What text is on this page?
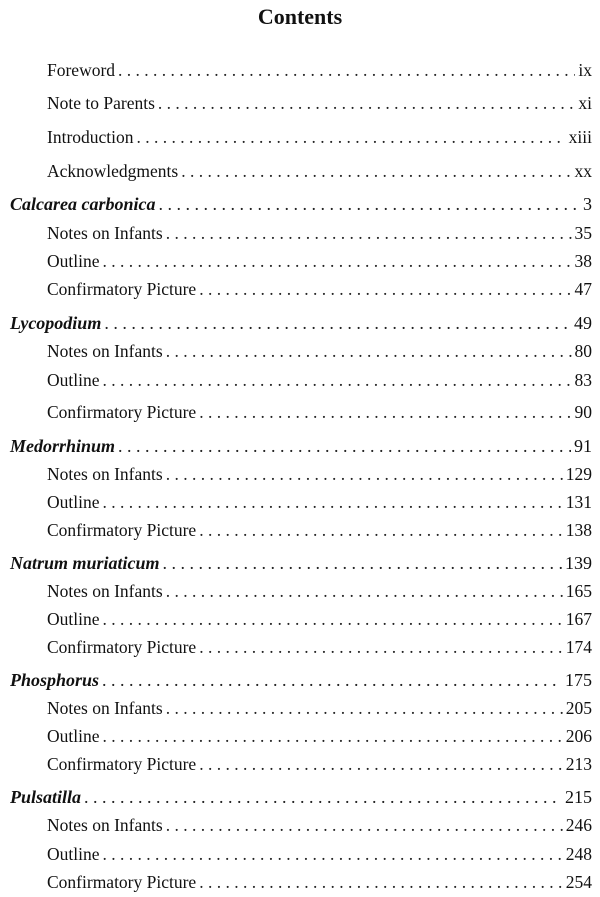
Contents
Foreword . . .	ix
Note to Parents . . .	xi
Introduction . . .	xiii
Acknowledgments . . .	xx
Calcarea carbonica . . .	3
Notes on Infants . . .	35
Outline . . .	38
Confirmatory Picture . . .	47
Lycopodium . . .	49
Notes on Infants . . .	80
Outline . . .	83
Confirmatory Picture . . .	90
Medorrhinum . . .	91
Notes on Infants . . .	129
Outline . . .	131
Confirmatory Picture . . .	138
Natrum muriaticum . . .	139
Notes on Infants . . .	165
Outline . . .	167
Confirmatory Picture . . .	174
Phosphorus . . .	175
Notes on Infants . . .	205
Outline . . .	206
Confirmatory Picture . . .	213
Pulsatilla . . .	215
Notes on Infants . . .	246
Outline . . .	248
Confirmatory Picture . . .	254
